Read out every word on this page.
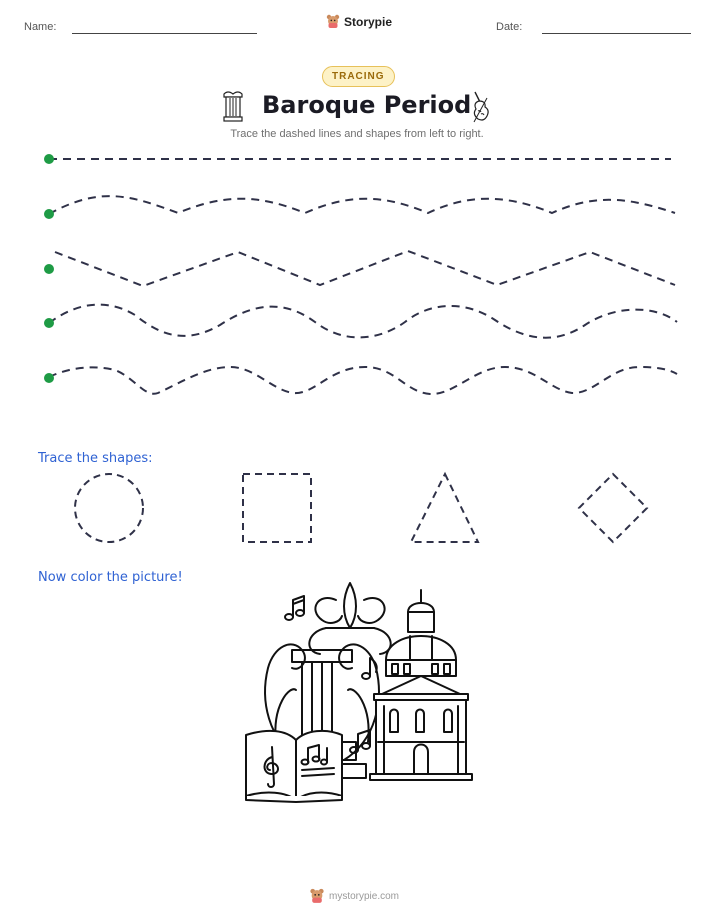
Name:	Storypie	Date:
TRACING
Baroque Period
Trace the dashed lines and shapes from left to right.
Trace the shapes:
Now color the picture!
mystorypie.com
